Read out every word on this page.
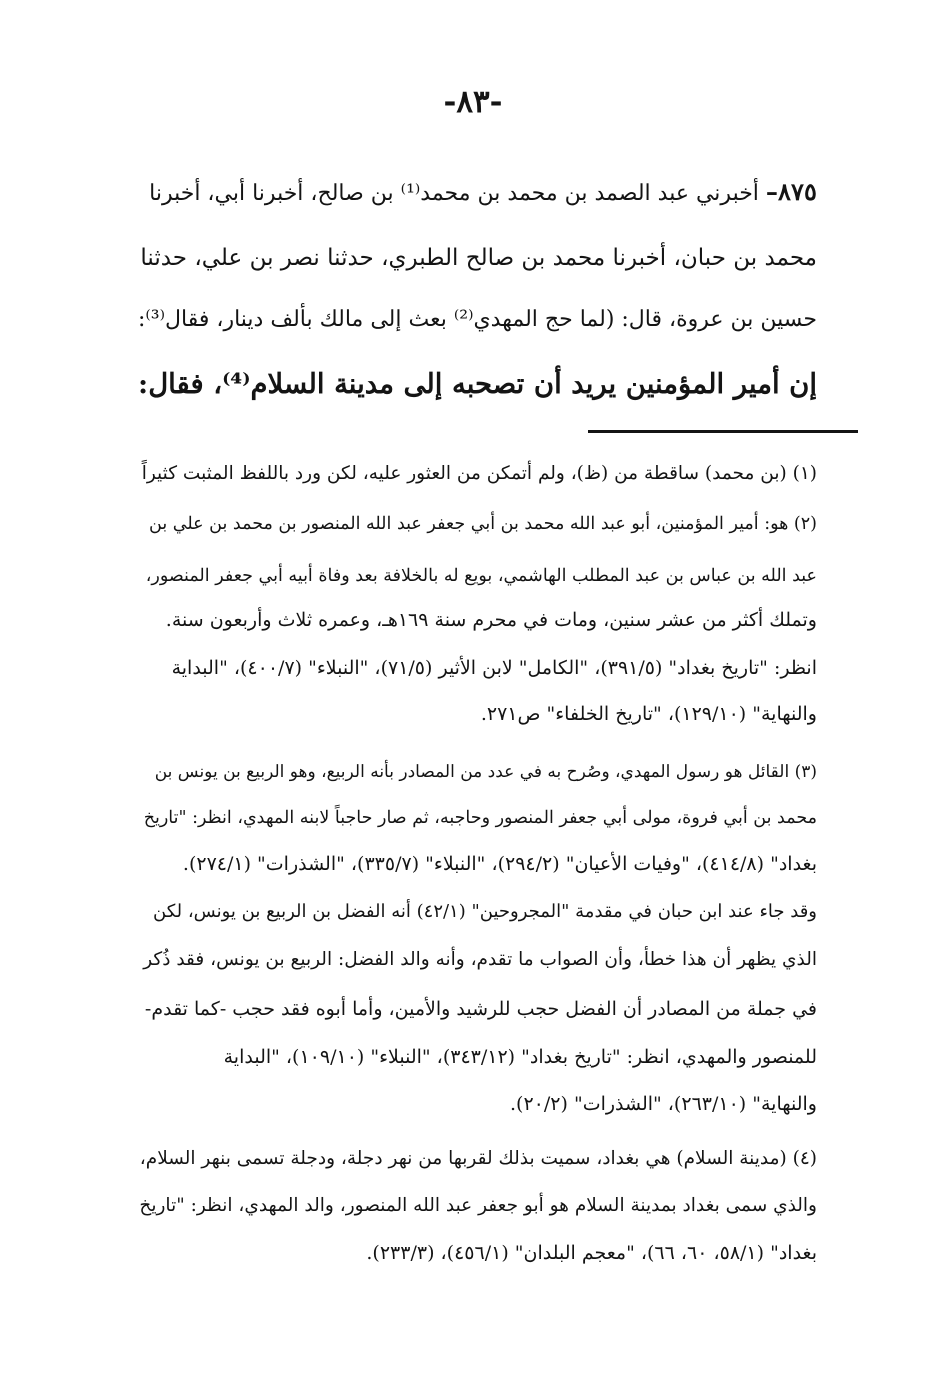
-٨٣-
٨٧٥– أخبرني عبد الصمد بن محمد بن محمد⁽¹⁾ بن صالح، أخبرنا أبي، أخبرنا
محمد بن حبان، أخبرنا محمد بن صالح الطبري، حدثنا نصر بن علي، حدثنا
حسين بن عروة، قال: (لما حج المهدي⁽²⁾ بعث إلى مالك بألف دينار، فقال⁽³⁾:
إن أمير المؤمنين يريد أن تصحبه إلى مدينة السلام⁽⁴⁾، فقال:
(١) (بن محمد) ساقطة من (ظ)، ولم أتمكن من العثور عليه، لكن ورد باللفظ المثبت كثيراً
(٢) هو: أمير المؤمنين، أبو عبد الله محمد بن أبي جعفر عبد الله المنصور بن محمد بن علي بن
عبد الله بن عباس بن عبد المطلب الهاشمي، بويع له بالخلافة بعد وفاة أبيه أبي جعفر المنصور،
وتملك أكثر من عشر سنين، ومات في محرم سنة ١٦٩هـ، وعمره ثلاث وأربعون سنة.
انظر: "تاريخ بغداد" (٣٩١/٥)، "الكامل" لابن الأثير (٧١/٥)، "النبلاء" (٤٠٠/٧)، "البداية
والنهاية" (١٢٩/١٠)، "تاريخ الخلفاء" ص٢٧١.
(٣) القائل هو رسول المهدي، وصُرح به في عدد من المصادر بأنه الربيع، وهو الربيع بن يونس بن
محمد بن أبي فروة، مولى أبي جعفر المنصور وحاجبه، ثم صار حاجباً لابنه المهدي، انظر: "تاريخ
بغداد" (٤١٤/٨)، "وفيات الأعيان" (٢٩٤/٢)، "النبلاء" (٣٣٥/٧)، "الشذرات" (٢٧٤/١).
وقد جاء عند ابن حبان في مقدمة "المجروحين" (٤٢/١) أنه الفضل بن الربيع بن يونس، لكن
الذي يظهر أن هذا خطأ، وأن الصواب ما تقدم، وأنه والد الفضل: الربيع بن يونس، فقد ذُكر
في جملة من المصادر أن الفضل حجب للرشيد والأمين، وأما أبوه فقد حجب -كما تقدم-
للمنصور والمهدي، انظر: "تاريخ بغداد" (٣٤٣/١٢)، "النبلاء" (١٠٩/١٠)، "البداية
والنهاية" (٢٦٣/١٠)، "الشذرات" (٢٠/٢).
(٤) (مدينة السلام) هي بغداد، سميت بذلك لقربها من نهر دجلة، ودجلة تسمى بنهر السلام،
والذي سمى بغداد بمدينة السلام هو أبو جعفر عبد الله المنصور، والد المهدي، انظر: "تاريخ
بغداد" (٥٨/١، ٦٠، ٦٦)، "معجم البلدان" (٤٥٦/١)، (٢٣٣/٣).
